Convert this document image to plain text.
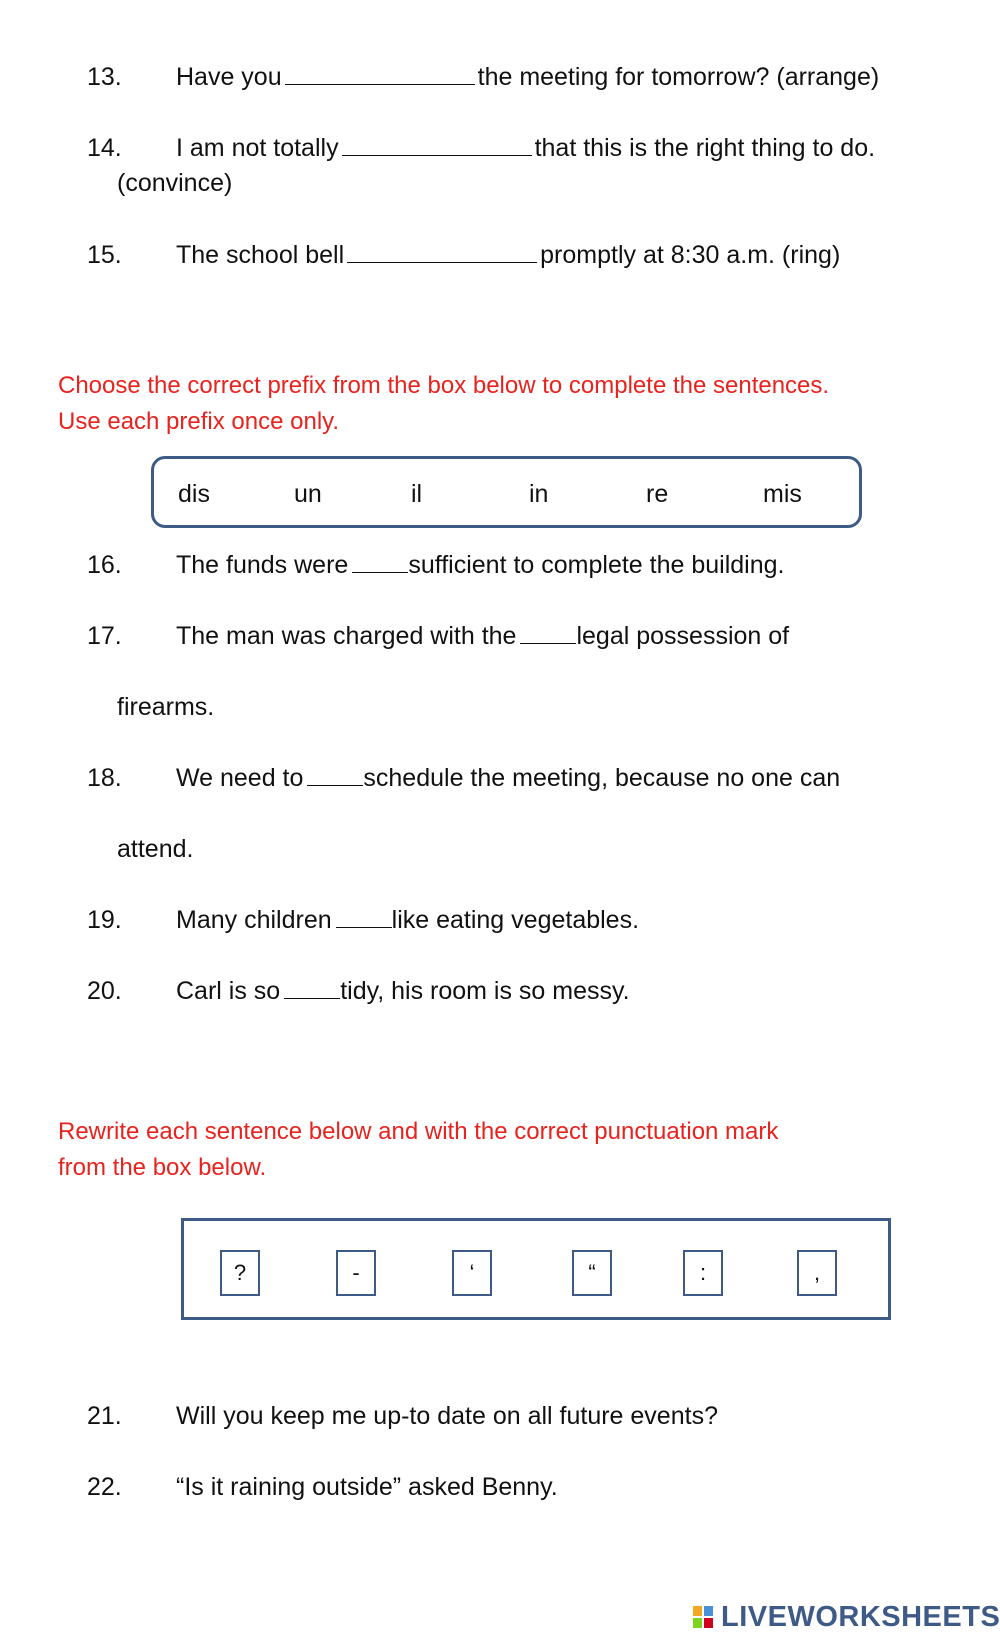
13. Have you	the meeting for tomorrow? (arrange)
14. I am not totally	that this is the right thing to do.
(convince)
15. The school bell	promptly at 8:30 a.m. (ring)
Choose the correct prefix from the box below to complete the sentences.
Use each prefix once only.
dis	un	il	in	re	mis
16. The funds were sufficient to complete the building.
17. The man was charged with the legal possession of
firearms.
18. We need to schedule the meeting, because no one can
attend.
19. Many children like eating vegetables.
20. Carl is so tidy, his room is so messy.
Rewrite each sentence below and with the correct punctuation mark
from the box below.
?	-	‘	“	:	,
21. Will you keep me up-to date on all future events?
22. “Is it raining outside” asked Benny.
LIVEWORKSHEETS
